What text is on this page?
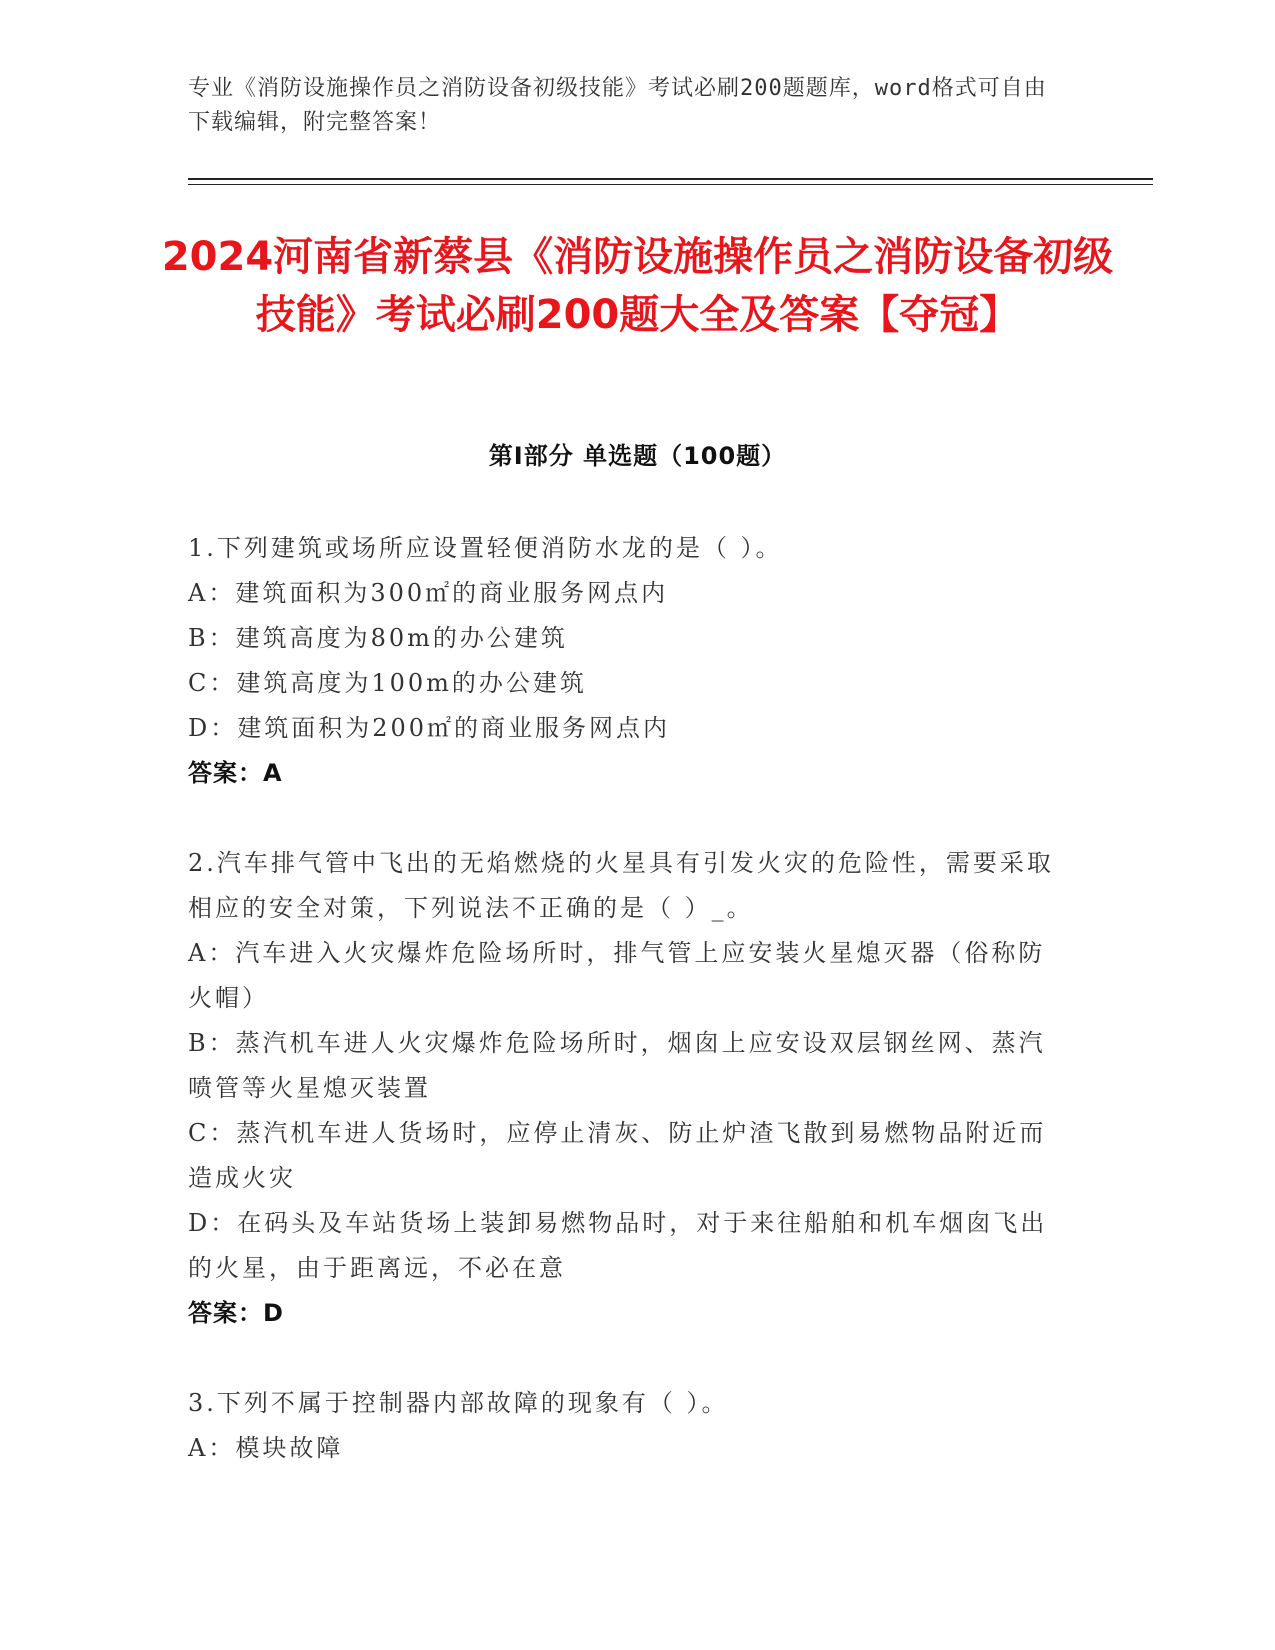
专业《消防设施操作员之消防设备初级技能》考试必刷200题题库，word格式可自由下载编辑，附完整答案！
2024河南省新蔡县《消防设施操作员之消防设备初级技能》考试必刷200题大全及答案【夺冠】
第I部分 单选题（100题）

1.下列建筑或场所应设置轻便消防水龙的是（ ）。

A：建筑面积为300㎡的商业服务网点内

B：建筑高度为80m的办公建筑

C：建筑高度为100m的办公建筑

D：建筑面积为200㎡的商业服务网点内

答案：A

2.汽车排气管中飞出的无焰燃烧的火星具有引发火灾的危险性，需要采取相应的安全对策，下列说法不正确的是（ ）_。

A：汽车进入火灾爆炸危险场所时，排气管上应安装火星熄灭器（俗称防火帽）

B：蒸汽机车进人火灾爆炸危险场所时，烟囱上应安设双层钢丝网、蒸汽喷管等火星熄灭装置

C：蒸汽机车进人货场时，应停止清灰、防止炉渣飞散到易燃物品附近而造成火灾

D：在码头及车站货场上装卸易燃物品时，对于来往船舶和机车烟囱飞出的火星，由于距离远，不必在意

答案：D

3.下列不属于控制器内部故障的现象有（ ）。

A：模块故障
